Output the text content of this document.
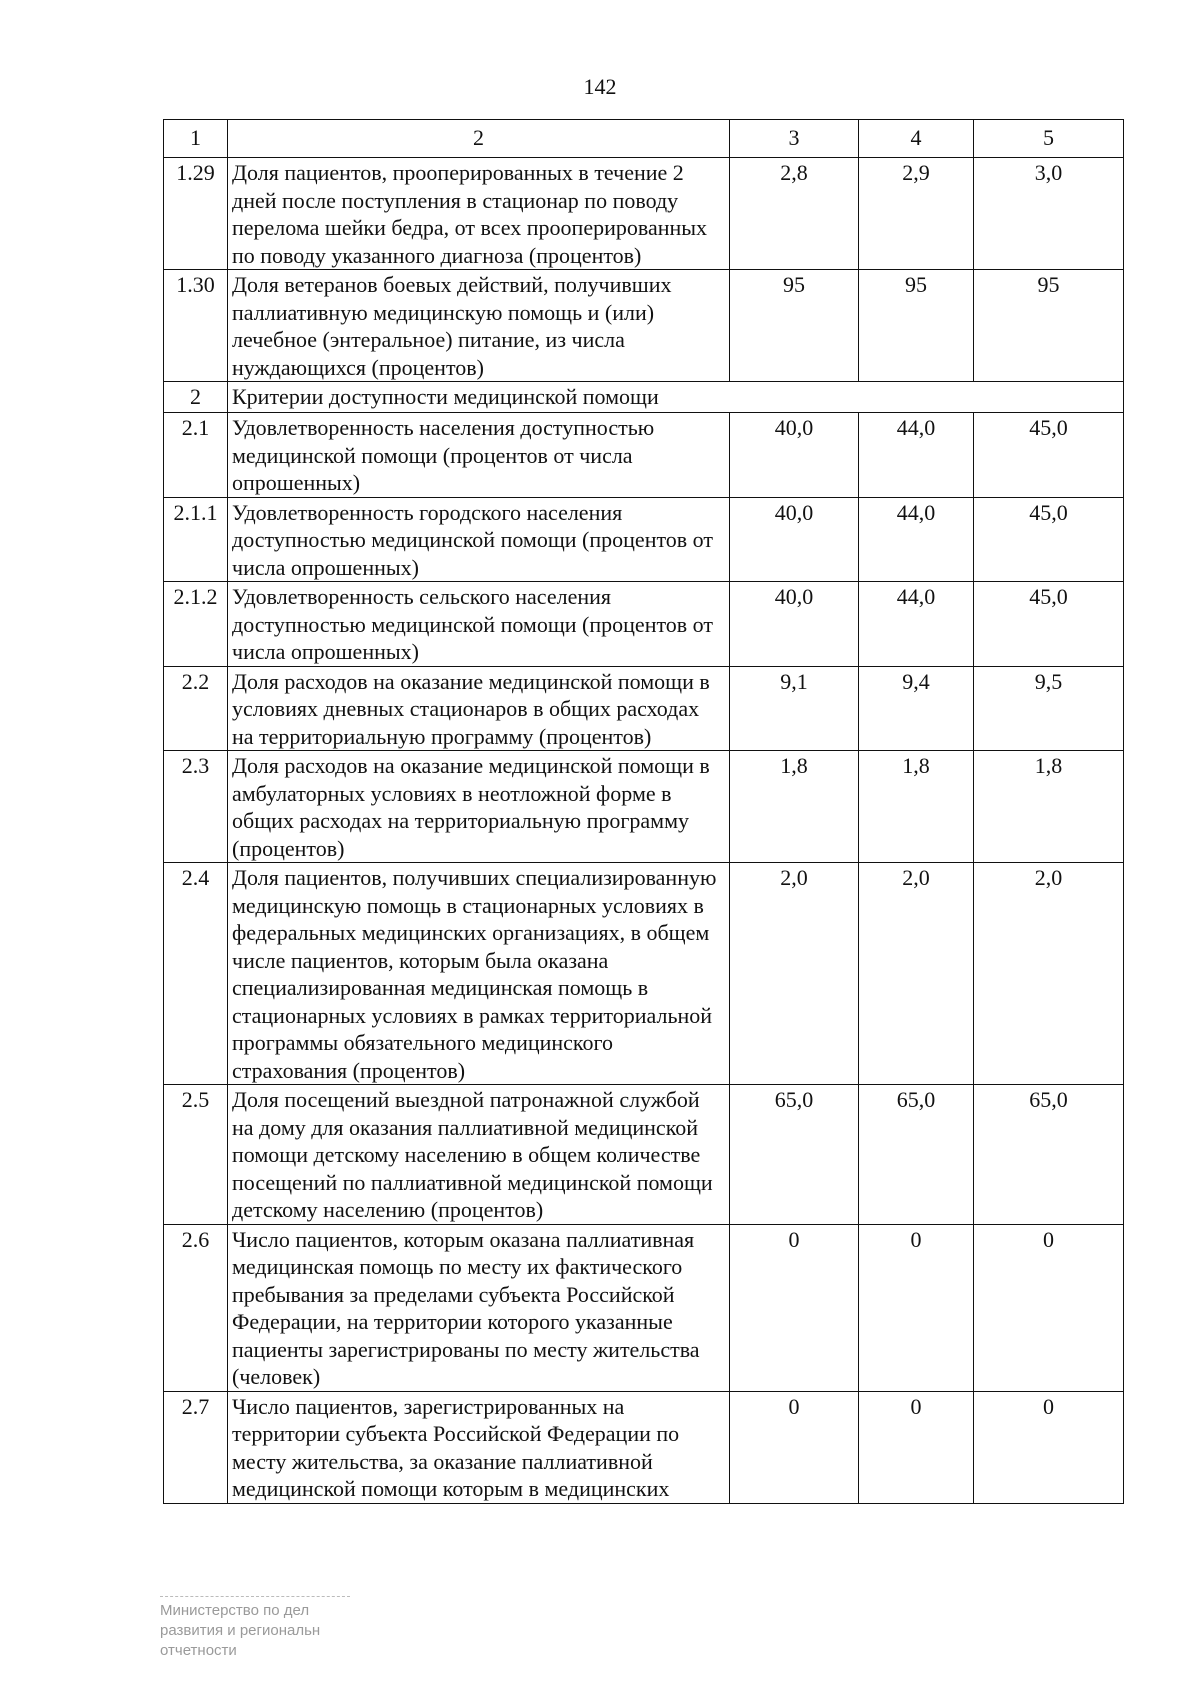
142
1	2	3	4	5
1.29	Доля пациентов, прооперированных в течение 2 дней после поступления в стационар по поводу перелома шейки бедра, от всех прооперированных по поводу указанного диагноза (процентов)	2,8	2,9	3,0
1.30	Доля ветеранов боевых действий, получивших паллиативную медицинскую помощь и (или) лечебное (энтеральное) питание, из числа нуждающихся (процентов)	95	95	95
2	Критерии доступности медицинской помощи			
2.1	Удовлетворенность населения доступностью медицинской помощи (процентов от числа опрошенных)	40,0	44,0	45,0
2.1.1	Удовлетворенность городского населения доступностью медицинской помощи (процентов от числа опрошенных)	40,0	44,0	45,0
2.1.2	Удовлетворенность сельского населения доступностью медицинской помощи (процентов от числа опрошенных)	40,0	44,0	45,0
2.2	Доля расходов на оказание медицинской помощи в условиях дневных стационаров в общих расходах на территориальную программу (процентов)	9,1	9,4	9,5
2.3	Доля расходов на оказание медицинской помощи в амбулаторных условиях в неотложной форме в общих расходах на территориальную программу (процентов)	1,8	1,8	1,8
2.4	Доля пациентов, получивших специализированную медицинскую помощь в стационарных условиях в федеральных медицинских организациях, в общем числе пациентов, которым была оказана специализированная медицинская помощь в стационарных условиях в рамках территориальной программы обязательного медицинского страхования (процентов)	2,0	2,0	2,0
2.5	Доля посещений выездной патронажной службой на дому для оказания паллиативной медицинской помощи детскому населению в общем количестве посещений по паллиативной медицинской помощи детскому населению (процентов)	65,0	65,0	65,0
2.6	Число пациентов, которым оказана паллиативная медицинская помощь по месту их фактического пребывания за пределами субъекта Российской Федерации, на территории которого указанные пациенты зарегистрированы по месту жительства (человек)	0	0	0
2.7	Число пациентов, зарегистрированных на территории субъекта Российской Федерации по месту жительства, за оказание паллиативной медицинской помощи которым в медицинских	0	0	0
Министерство по дел
развития и региональн
отчетности
